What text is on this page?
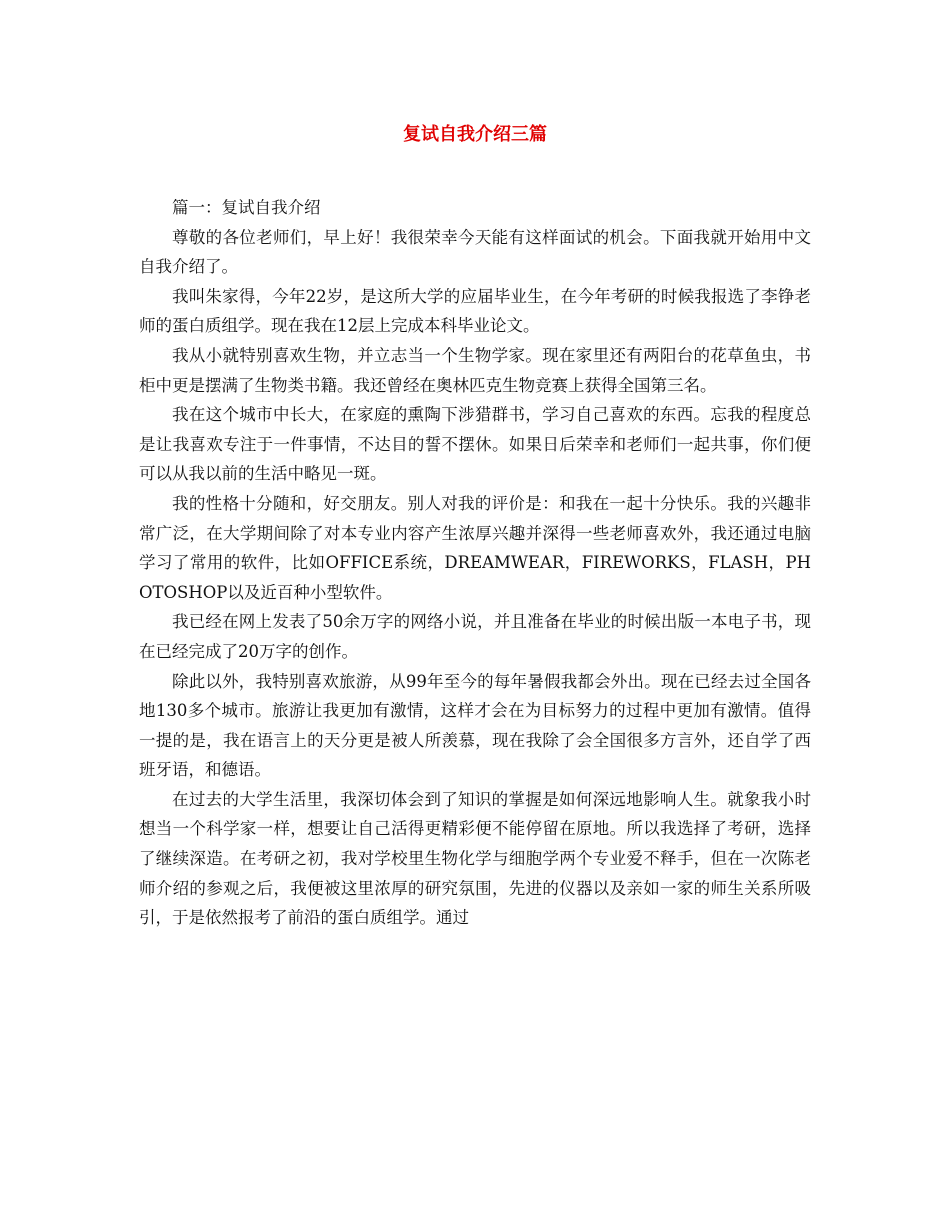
复试自我介绍三篇

篇一：复试自我介绍

尊敬的各位老师们，早上好！我很荣幸今天能有这样面试的机会。下面我就开始用中文自我介绍了。

我叫朱家得，今年22岁，是这所大学的应届毕业生，在今年考研的时候我报选了李铮老师的蛋白质组学。现在我在12层上完成本科毕业论文。

我从小就特别喜欢生物，并立志当一个生物学家。现在家里还有两阳台的花草鱼虫，书柜中更是摆满了生物类书籍。我还曾经在奥林匹克生物竞赛上获得全国第三名。

我在这个城市中长大，在家庭的熏陶下涉猎群书，学习自己喜欢的东西。忘我的程度总是让我喜欢专注于一件事情，不达目的誓不摆休。如果日后荣幸和老师们一起共事，你们便可以从我以前的生活中略见一斑。

我的性格十分随和，好交朋友。别人对我的评价是：和我在一起十分快乐。我的兴趣非常广泛，在大学期间除了对本专业内容产生浓厚兴趣并深得一些老师喜欢外，我还通过电脑学习了常用的软件，比如OFFICE系统，DREAMWEAR，FIREWORKS，FLASH，PHOTOSHOP以及近百种小型软件。

我已经在网上发表了50余万字的网络小说，并且准备在毕业的时候出版一本电子书，现在已经完成了20万字的创作。

除此以外，我特别喜欢旅游，从99年至今的每年暑假我都会外出。现在已经去过全国各地130多个城市。旅游让我更加有激情，这样才会在为目标努力的过程中更加有激情。值得一提的是，我在语言上的天分更是被人所羡慕，现在我除了会全国很多方言外，还自学了西班牙语，和德语。

在过去的大学生活里，我深切体会到了知识的掌握是如何深远地影响人生。就象我小时想当一个科学家一样，想要让自己活得更精彩便不能停留在原地。所以我选择了考研，选择了继续深造。在考研之初，我对学校里生物化学与细胞学两个专业爱不释手，但在一次陈老师介绍的参观之后，我便被这里浓厚的研究氛围，先进的仪器以及亲如一家的师生关系所吸引，于是依然报考了前沿的蛋白质组学。通过
